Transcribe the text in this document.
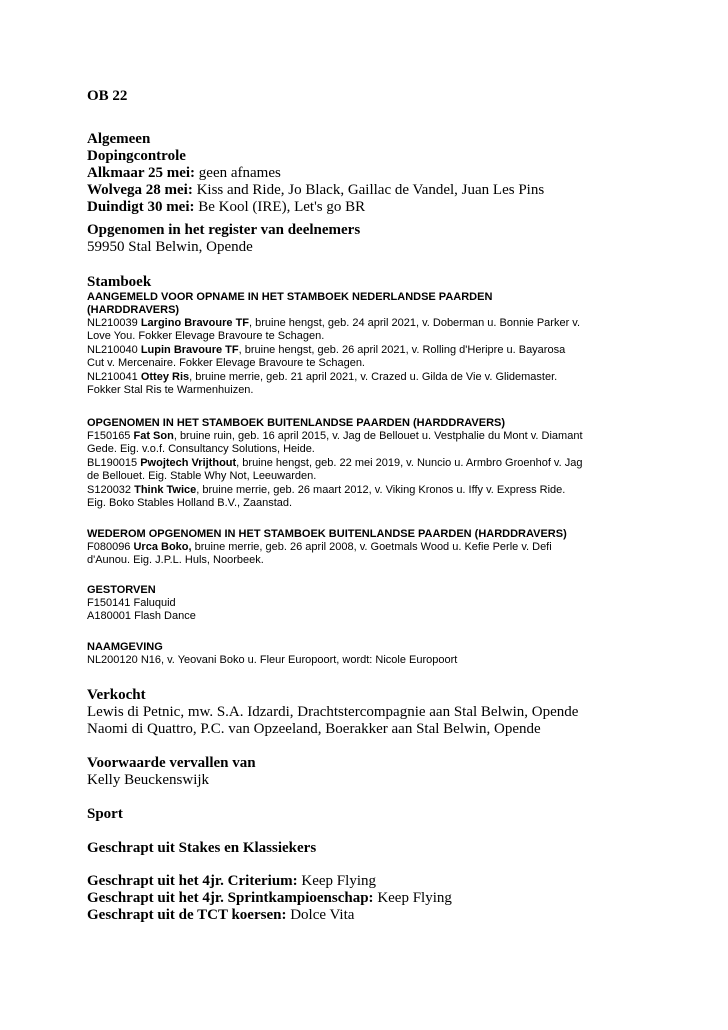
OB 22

Algemeen

Dopingcontrole

Alkmaar 25 mei: geen afnames

Wolvega 28 mei: Kiss and Ride, Jo Black, Gaillac de Vandel, Juan Les Pins

Duindigt 30 mei: Be Kool (IRE), Let's go BR

Opgenomen in het register van deelnemers

59950 Stal Belwin, Opende

Stamboek

AANGEMELD VOOR OPNAME IN HET STAMBOEK NEDERLANDSE PAARDEN

(HARDDRAVERS)

NL210039 Largino Bravoure TF, bruine hengst, geb. 24 april 2021, v. Doberman u. Bonnie Parker v.

Love You. Fokker Elevage Bravoure te Schagen.

NL210040 Lupin Bravoure TF, bruine hengst, geb. 26 april 2021, v. Rolling d'Heripre u. Bayarosa

Cut v. Mercenaire. Fokker Elevage Bravoure te Schagen.

NL210041 Ottey Ris, bruine merrie, geb. 21 april 2021, v. Crazed u. Gilda de Vie v. Glidemaster.

Fokker Stal Ris te Warmenhuizen.

OPGENOMEN IN HET STAMBOEK BUITENLANDSE PAARDEN (HARDDRAVERS)

F150165 Fat Son, bruine ruin, geb. 16 april 2015, v. Jag de Bellouet u. Vestphalie du Mont v. Diamant

Gede. Eig. v.o.f. Consultancy Solutions, Heide.

BL190015 Pwojtech Vrijthout, bruine hengst, geb. 22 mei 2019, v. Nuncio u. Armbro Groenhof v. Jag

de Bellouet. Eig. Stable Why Not, Leeuwarden.

S120032 Think Twice, bruine merrie, geb. 26 maart 2012, v. Viking Kronos u. Iffy v. Express Ride.

Eig. Boko Stables Holland B.V., Zaanstad.

WEDEROM OPGENOMEN IN HET STAMBOEK BUITENLANDSE PAARDEN (HARDDRAVERS)

F080096 Urca Boko, bruine merrie, geb. 26 april 2008, v. Goetmals Wood u. Kefie Perle v. Defi

d'Aunou. Eig. J.P.L. Huls, Noorbeek.

GESTORVEN

F150141 Faluquid

A180001 Flash Dance

NAAMGEVING

NL200120 N16, v. Yeovani Boko u. Fleur Europoort, wordt: Nicole Europoort

Verkocht

Lewis di Petnic, mw. S.A. Idzardi, Drachtstercompagnie aan Stal Belwin, Opende

Naomi di Quattro, P.C. van Opzeeland, Boerakker aan Stal Belwin, Opende

Voorwaarde vervallen van

Kelly Beuckenswijk

Sport

Geschrapt uit Stakes en Klassiekers

Geschrapt uit het 4jr. Criterium: Keep Flying

Geschrapt uit het 4jr. Sprintkampioenschap: Keep Flying

Geschrapt uit de TCT koersen: Dolce Vita
